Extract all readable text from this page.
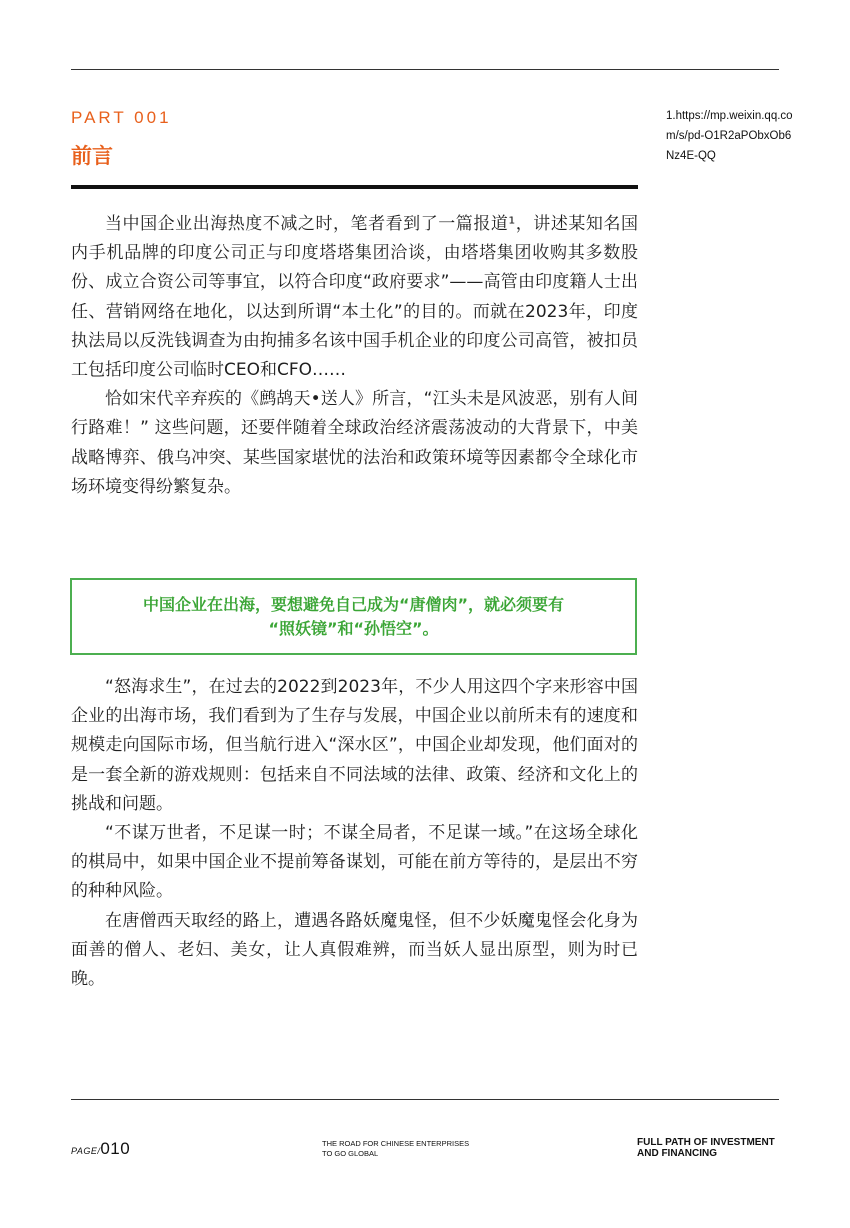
PART 001
前言
1.https://mp.weixin.qq.com/s/pd-O1R2aPObxOb6Nz4E-QQ

当中国企业出海热度不减之时，笔者看到了一篇报道¹，讲述某知名国内手机品牌的印度公司正与印度塔塔集团洽谈，由塔塔集团收购其多数股份、成立合资公司等事宜，以符合印度“政府要求”——高管由印度籍人士出任、营销网络在地化，以达到所谓“本土化”的目的。而就在2023年，印度执法局以反洗钱调查为由拘捕多名该中国手机企业的印度公司高管，被扣员工包括印度公司临时CEO和CFO……

恰如宋代辛弃疾的《鹧鸪天•送人》所言，“江头未是风波恶，别有人间行路难！” 这些问题，还要伴随着全球政治经济震荡波动的大背景下，中美战略博弈、俄乌冲突、某些国家堪忧的法治和政策环境等因素都令全球化市场环境变得纷繁复杂。

中国企业在出海，要想避免自己成为“唐僧肉”，就必须要有
“照妖镜”和“孙悟空”。

“怒海求生”，在过去的2022到2023年，不少人用这四个字来形容中国企业的出海市场，我们看到为了生存与发展，中国企业以前所未有的速度和规模走向国际市场，但当航行进入“深水区”，中国企业却发现，他们面对的是一套全新的游戏规则：包括来自不同法域的法律、政策、经济和文化上的挑战和问题。

“不谋万世者，不足谋一时；不谋全局者，不足谋一域。”在这场全球化的棋局中，如果中国企业不提前筹备谋划，可能在前方等待的，是层出不穷的种种风险。

在唐僧西天取经的路上，遭遇各路妖魔鬼怪，但不少妖魔鬼怪会化身为面善的僧人、老妇、美女，让人真假难辨，而当妖人显出原型，则为时已晚。

PAGE/010	THE ROAD FOR CHINESE ENTERPRISES
TO GO GLOBAL
FULL PATH OF INVESTMENT
AND FINANCING
